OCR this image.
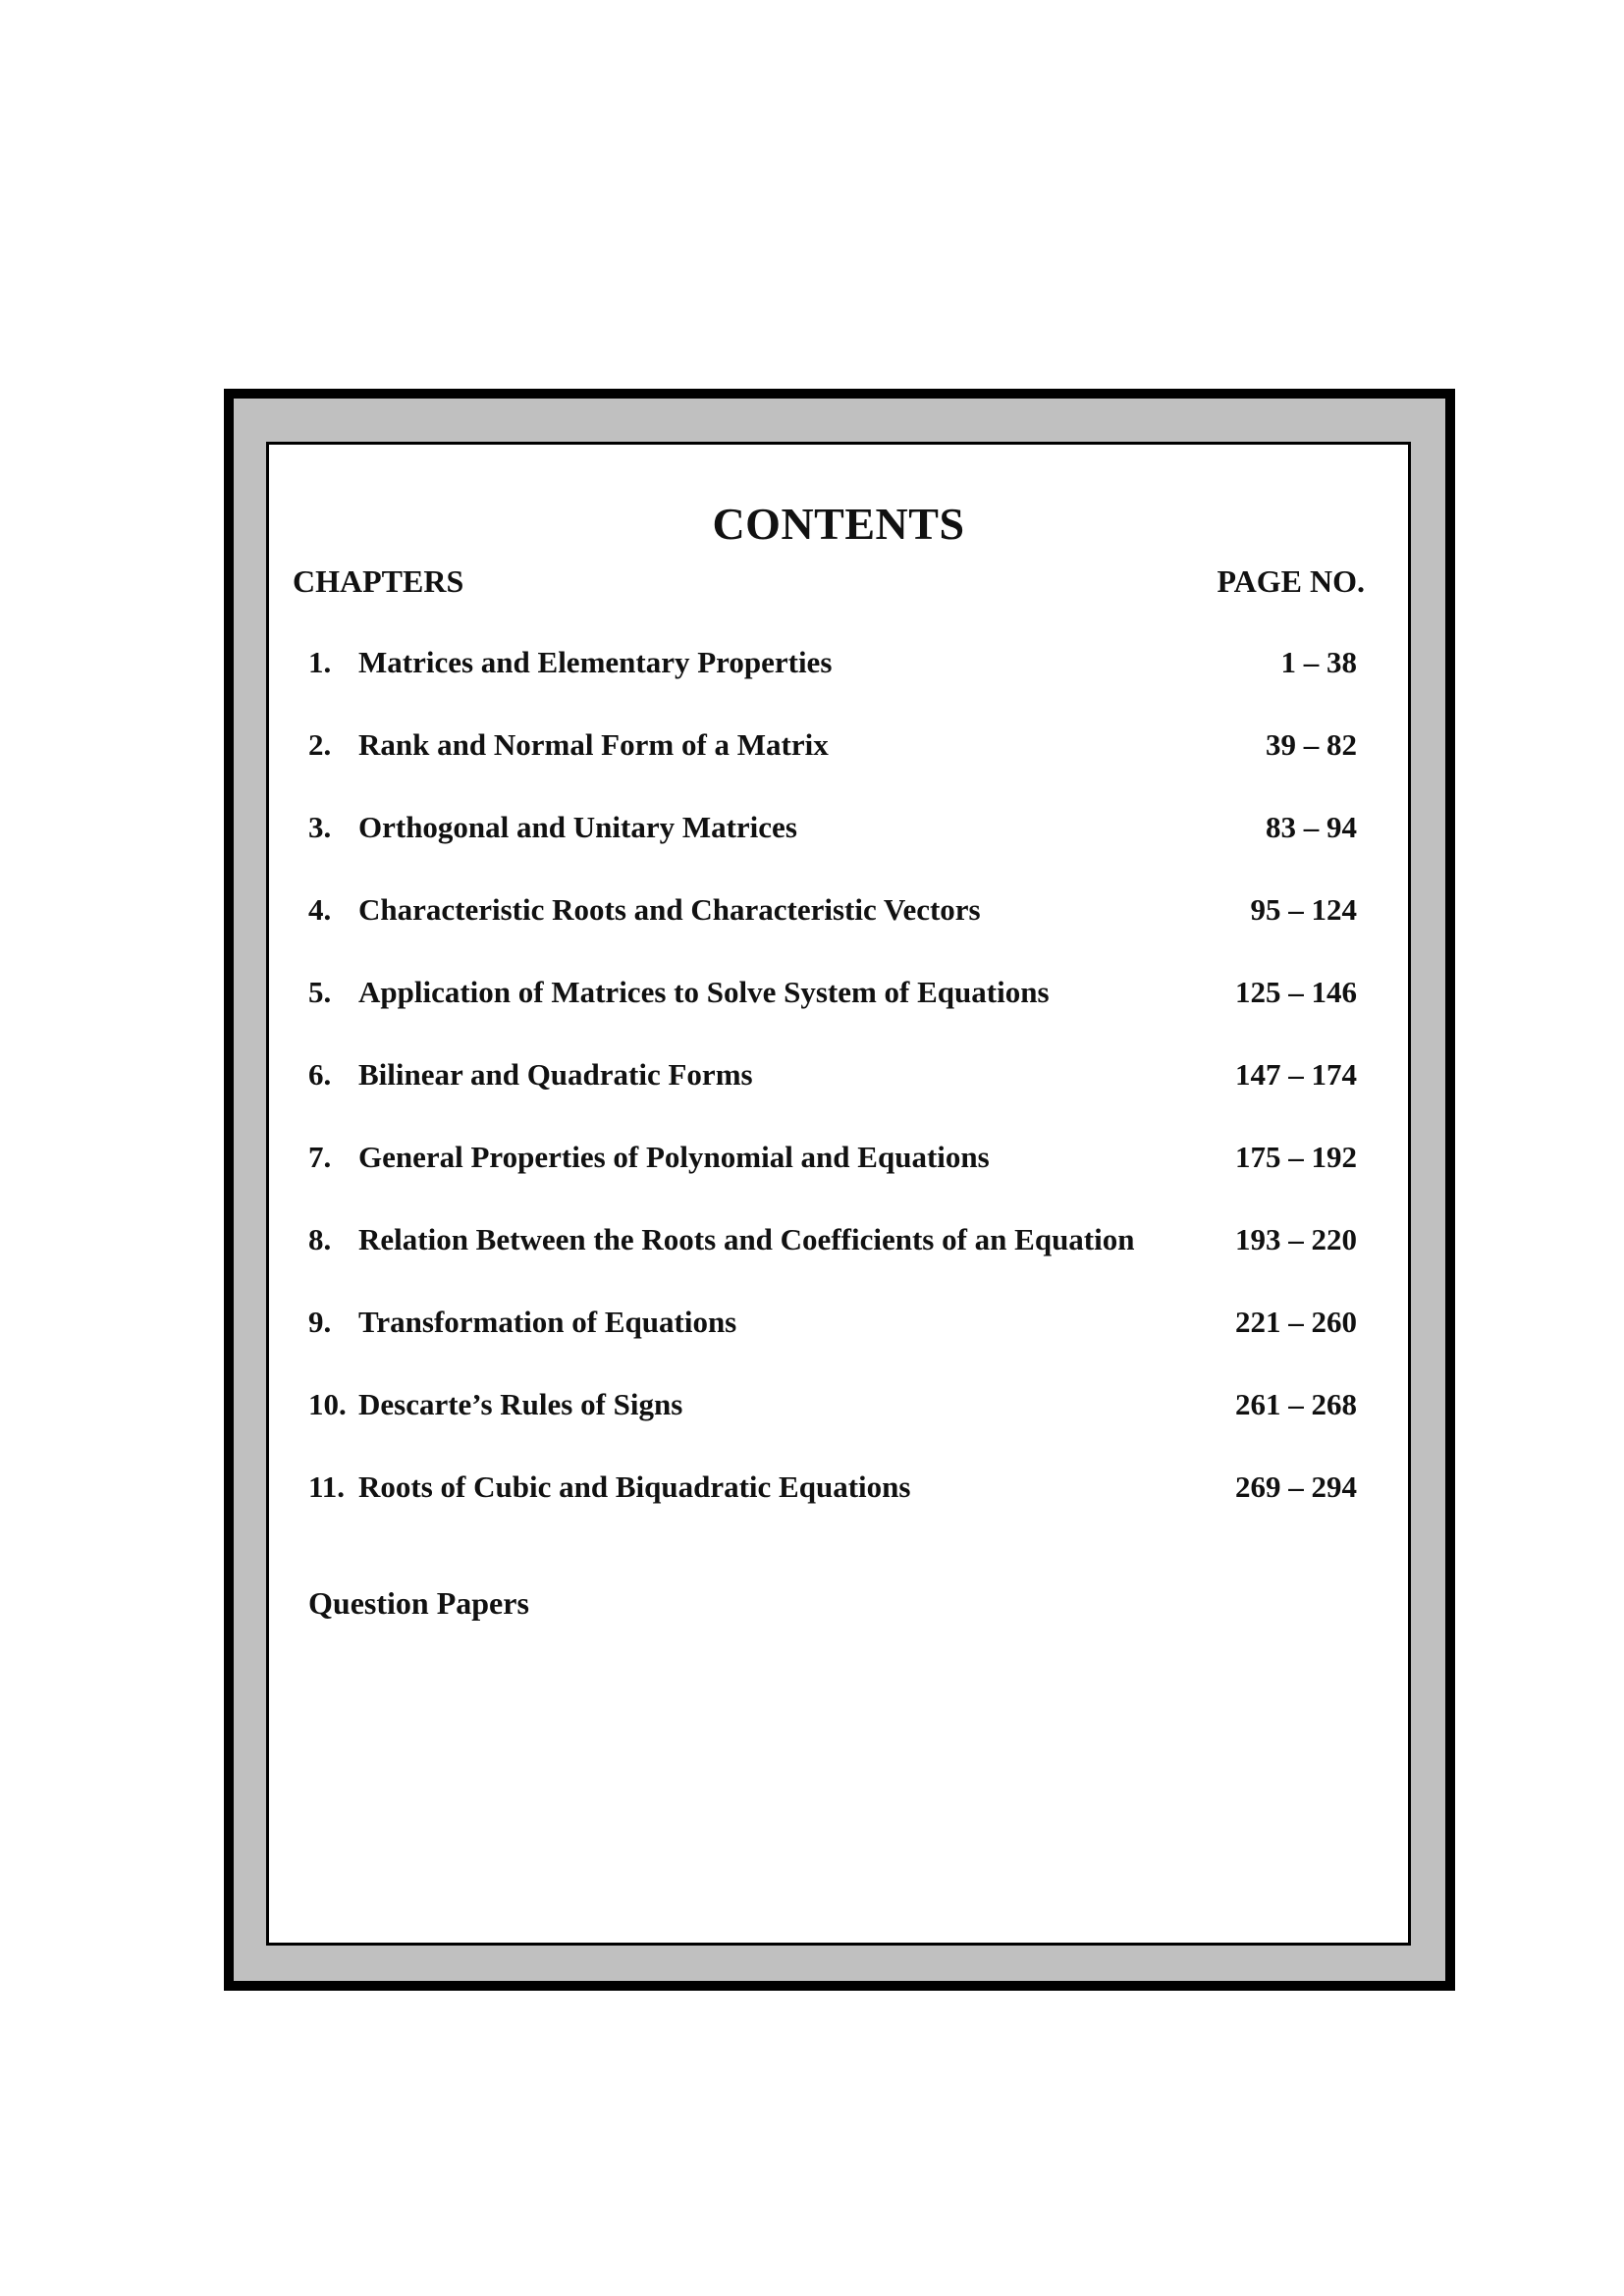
CONTENTS
CHAPTERS	PAGE NO.
1. Matrices and Elementary Properties	1 – 38
2. Rank and Normal Form of a Matrix	39 – 82
3. Orthogonal and Unitary Matrices	83 – 94
4. Characteristic Roots and Characteristic Vectors	95 – 124
5. Application of Matrices to Solve System of Equations	125 – 146
6. Bilinear and Quadratic Forms	147 – 174
7. General Properties of Polynomial and Equations	175 – 192
8. Relation Between the Roots and Coefficients of an Equation	193 – 220
9. Transformation of Equations	221 – 260
10. Descarte’s Rules of Signs	261 – 268
11. Roots of Cubic and Biquadratic Equations	269 – 294
Question Papers
